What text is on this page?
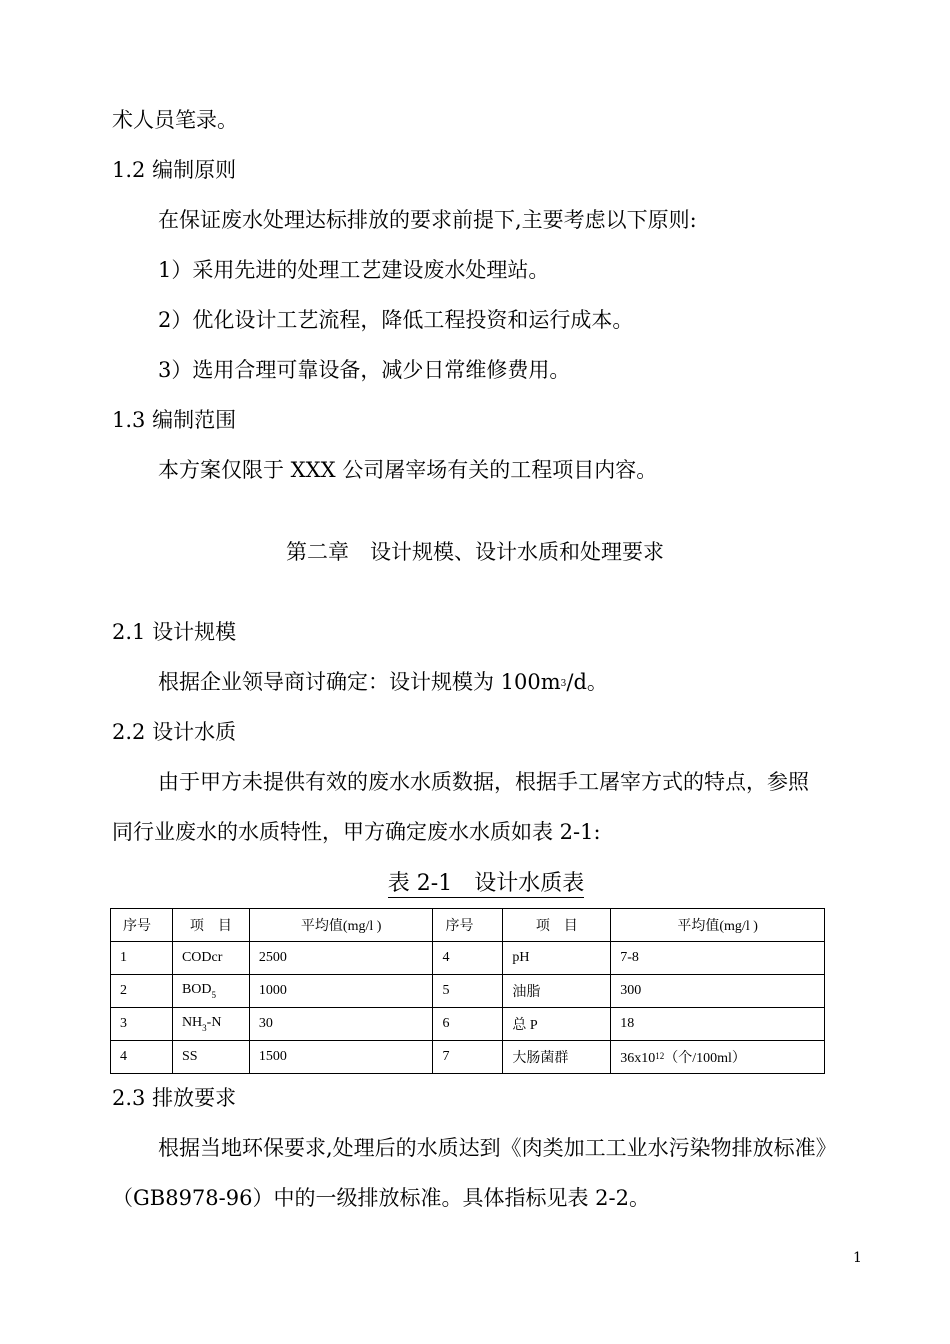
术人员笔录。
1.2 编制原则
在保证废水处理达标排放的要求前提下,主要考虑以下原则:
1）采用先进的处理工艺建设废水处理站。
2）优化设计工艺流程，降低工程投资和运行成本。
3）选用合理可靠设备，减少日常维修费用。
1.3 编制范围
本方案仅限于 XXX 公司屠宰场有关的工程项目内容。
第二章　设计规模、设计水质和处理要求
2.1 设计规模
根据企业领导商讨确定：设计规模为 $100m^3/d$。
2.2 设计水质
由于甲方未提供有效的废水水质数据，根据手工屠宰方式的特点，参照
同行业废水的水质特性，甲方确定废水水质如表 2-1:
表 2-1　设计水质表
序号	项　目	平均值(mg/l )	序号	项　目	平均值(mg/l )
1	CODcr	2500	4	pH	7-8
2	$BOD_5$	1000	5	油脂	300
3	$NH_3-N$	30	6	总 P	18
4	SS	1500	7	大肠菌群	$36x10^{12}$（个/100ml）
2.3 排放要求
根据当地环保要求,处理后的水质达到《肉类加工工业水污染物排放标准》
（GB8978-96）中的一级排放标准。具体指标见表 2-2。
1
